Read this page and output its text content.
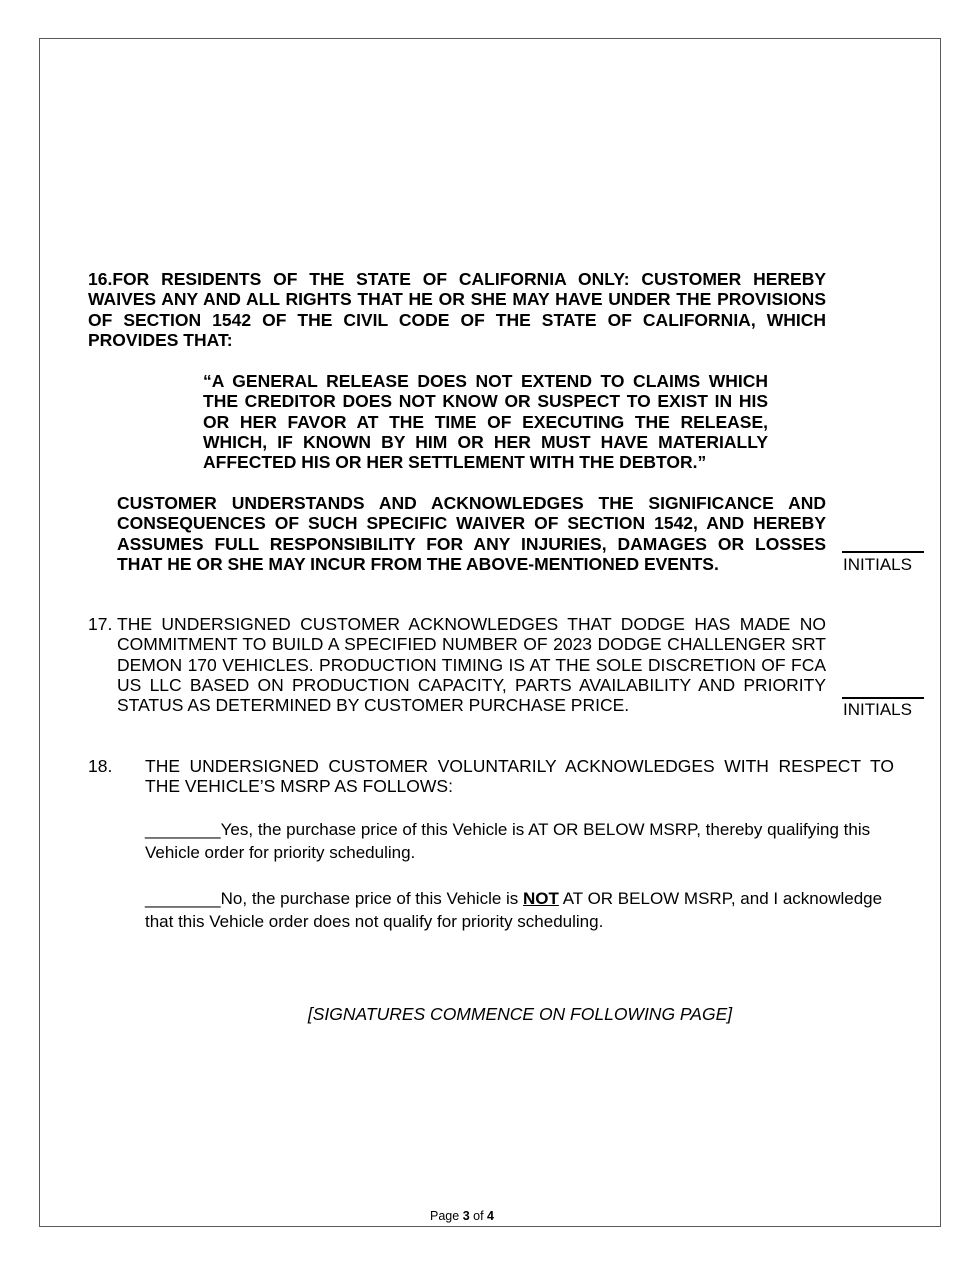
16.FOR RESIDENTS OF THE STATE OF CALIFORNIA ONLY: CUSTOMER HEREBY WAIVES ANY AND ALL RIGHTS THAT HE OR SHE MAY HAVE UNDER THE PROVISIONS OF SECTION 1542 OF THE CIVIL CODE OF THE STATE OF CALIFORNIA, WHICH PROVIDES THAT:
“A GENERAL RELEASE DOES NOT EXTEND TO CLAIMS WHICH THE CREDITOR DOES NOT KNOW OR SUSPECT TO EXIST IN HIS OR HER FAVOR AT THE TIME OF EXECUTING THE RELEASE, WHICH, IF KNOWN BY HIM OR HER MUST HAVE MATERIALLY AFFECTED HIS OR HER SETTLEMENT WITH THE DEBTOR.”
CUSTOMER UNDERSTANDS AND ACKNOWLEDGES THE SIGNIFICANCE AND CONSEQUENCES OF SUCH SPECIFIC WAIVER OF SECTION 1542, AND HEREBY ASSUMES FULL RESPONSIBILITY FOR ANY INJURIES, DAMAGES OR LOSSES THAT HE OR SHE MAY INCUR FROM THE ABOVE-MENTIONED EVENTS.	INITIALS
17. THE UNDERSIGNED CUSTOMER ACKNOWLEDGES THAT DODGE HAS MADE NO COMMITMENT TO BUILD A SPECIFIED NUMBER OF 2023 DODGE CHALLENGER SRT DEMON 170 VEHICLES. PRODUCTION TIMING IS AT THE SOLE DISCRETION OF FCA US LLC BASED ON PRODUCTION CAPACITY, PARTS AVAILABILITY AND PRIORITY STATUS AS DETERMINED BY CUSTOMER PURCHASE PRICE.	INITIALS
18. THE UNDERSIGNED CUSTOMER VOLUNTARILY ACKNOWLEDGES WITH RESPECT TO THE VEHICLE’S MSRP AS FOLLOWS:
________Yes, the purchase price of this Vehicle is AT OR BELOW MSRP, thereby qualifying this Vehicle order for priority scheduling.
________No, the purchase price of this Vehicle is NOT AT OR BELOW MSRP, and I acknowledge that this Vehicle order does not qualify for priority scheduling.
[SIGNATURES COMMENCE ON FOLLOWING PAGE]
Page 3 of 4
